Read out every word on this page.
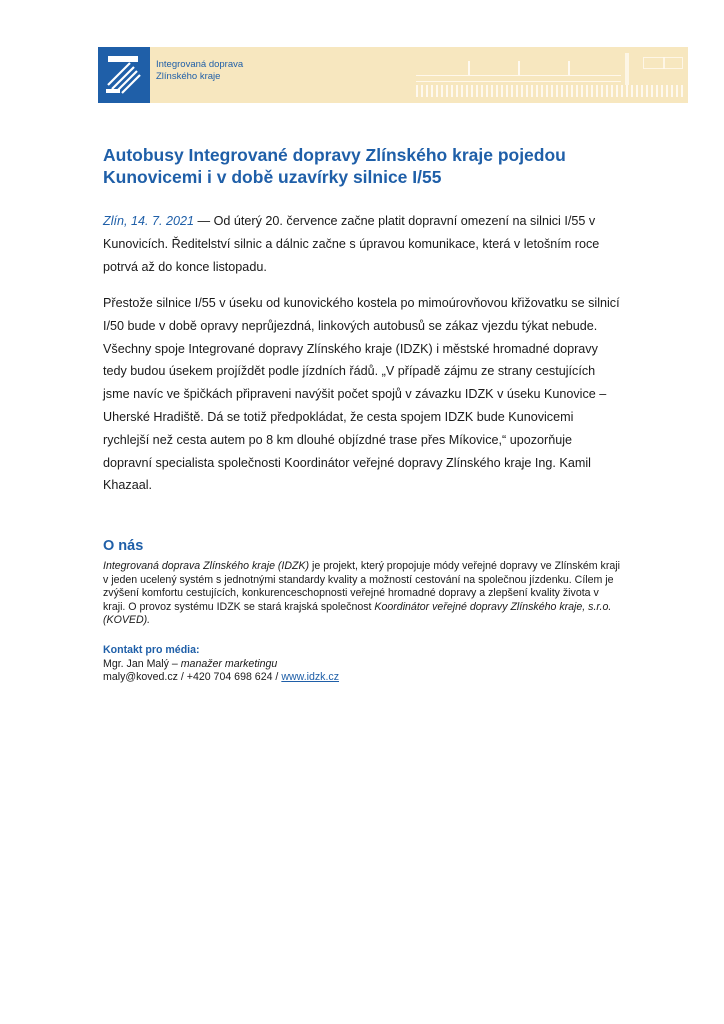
Integrovaná doprava
Zlínského kraje
Autobusy Integrované dopravy Zlínského kraje pojedou
Kunovicemi i v době uzavírky silnice I/55

Zlín, 14. 7. 2021 — Od úterý 20. července začne platit dopravní omezení na silnici I/55 v Kunovicích. Ředitelství silnic a dálnic začne s úpravou komunikace, která v letošním roce potrvá až do konce listopadu.

Přestože silnice I/55 v úseku od kunovického kostela po mimoúrovňovou křižovatku se silnicí I/50 bude v době opravy neprůjezdná, linkových autobusů se zákaz vjezdu týkat nebude. Všechny spoje Integrované dopravy Zlínského kraje (IDZK) i městské hromadné dopravy tedy budou úsekem projíždět podle jízdních řádů. „V případě zájmu ze strany cestujících jsme navíc ve špičkách připraveni navýšit počet spojů v závazku IDZK v úseku Kunovice – Uherské Hradiště. Dá se totiž předpokládat, že cesta spojem IDZK bude Kunovicemi rychlejší než cesta autem po 8 km dlouhé objízdné trase přes Míkovice,“ upozorňuje dopravní specialista společnosti Koordinátor veřejné dopravy Zlínského kraje Ing. Kamil Khazaal.

O nás

Integrovaná doprava Zlínského kraje (IDZK) je projekt, který propojuje módy veřejné dopravy ve Zlínském kraji v jeden ucelený systém s jednotnými standardy kvality a možností cestování na společnou jízdenku. Cílem je zvýšení komfortu cestujících, konkurenceschopnosti veřejné hromadné dopravy a zlepšení kvality života v kraji. O provoz systému IDZK se stará krajská společnost Koordinátor veřejné dopravy Zlínského kraje, s.r.o. (KOVED).

Kontakt pro média:
Mgr. Jan Malý – manažer marketingu
maly@koved.cz / +420 704 698 624 / www.idzk.cz
